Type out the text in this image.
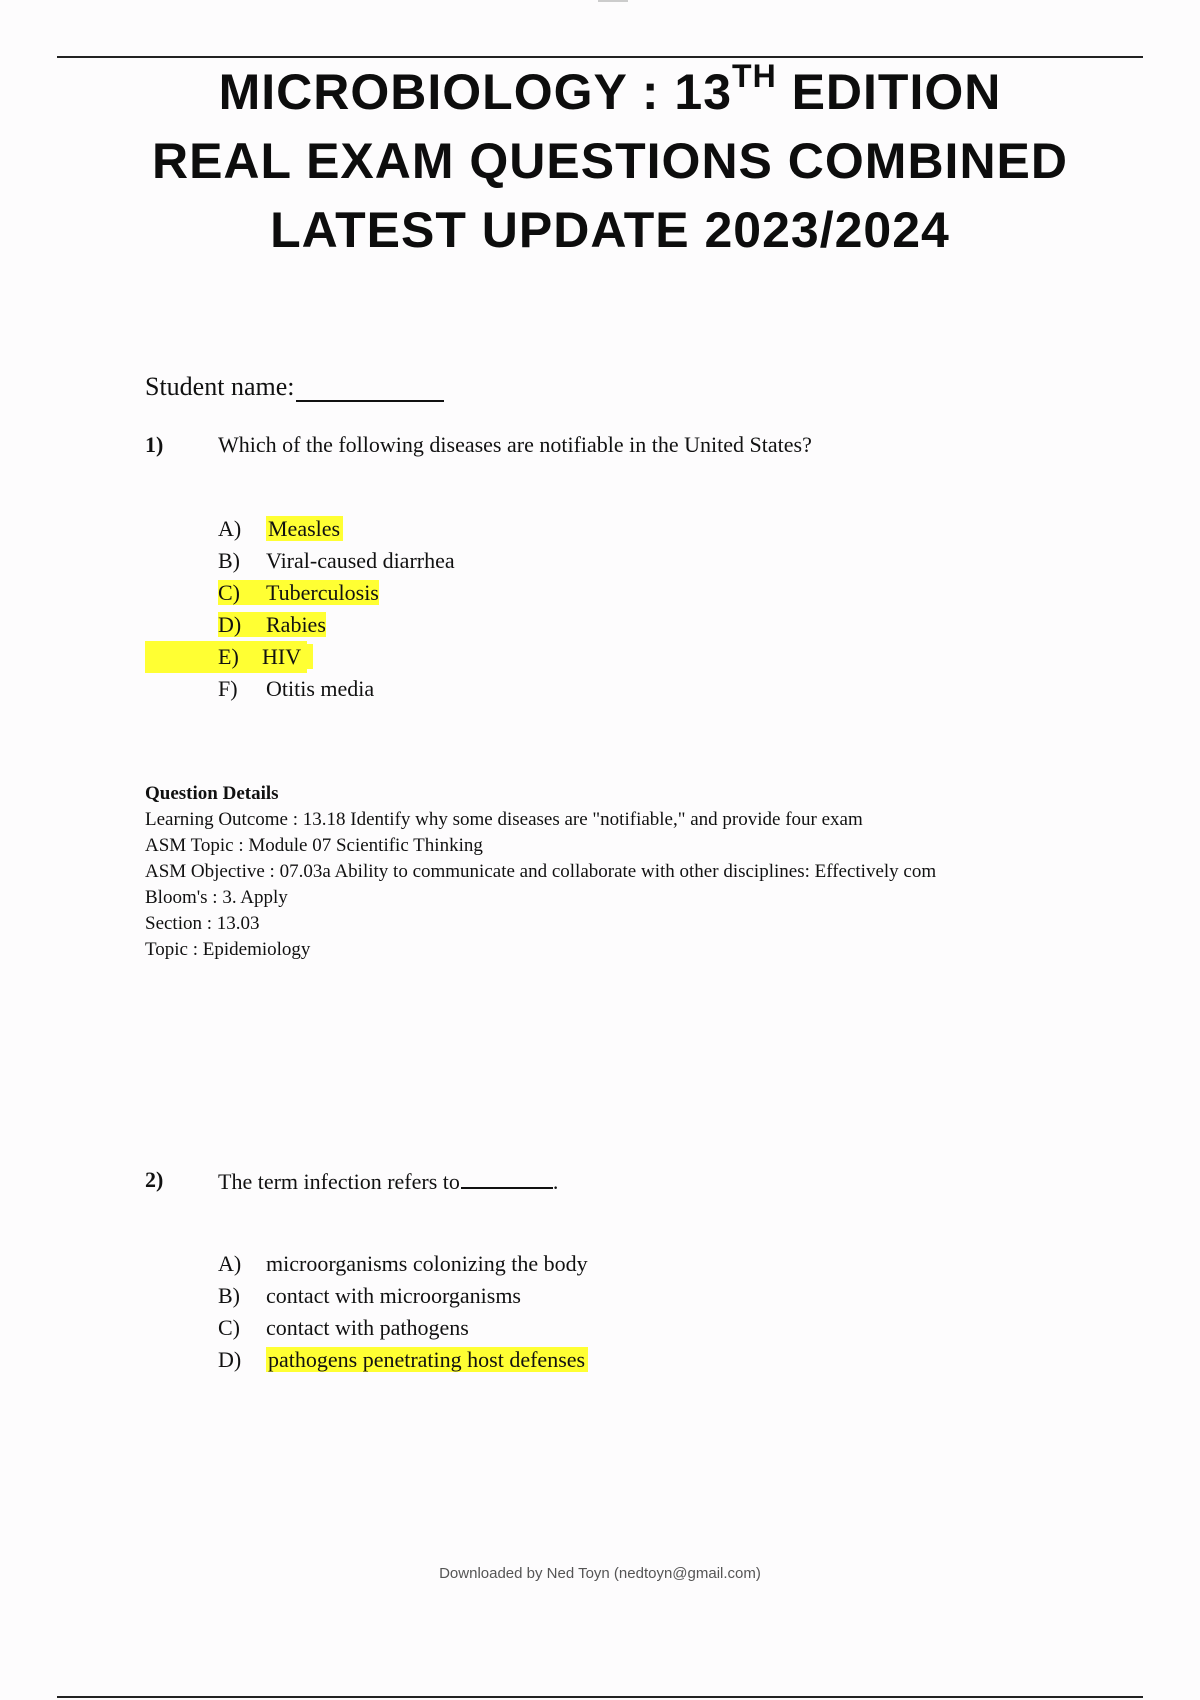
MICROBIOLOGY : 13TH EDITION
REAL EXAM QUESTIONS COMBINED
LATEST UPDATE 2023/2024
Student name:
1) Which of the following diseases are notifiable in the United States?
A) Measles
B) Viral-caused diarrhea
C) Tuberculosis
D) Rabies
E) HIV
F) Otitis media
Question Details
Learning Outcome : 13.18 Identify why some diseases are "notifiable," and provide four exam
ASM Topic : Module 07 Scientific Thinking
ASM Objective : 07.03a Ability to communicate and collaborate with other disciplines: Effectively com
Bloom's : 3. Apply
Section : 13.03
Topic : Epidemiology
2) The term infection refers to	.
A) microorganisms colonizing the body
B) contact with microorganisms
C) contact with pathogens
D) pathogens penetrating host defenses
Downloaded by Ned Toyn (nedtoyn@gmail.com)
